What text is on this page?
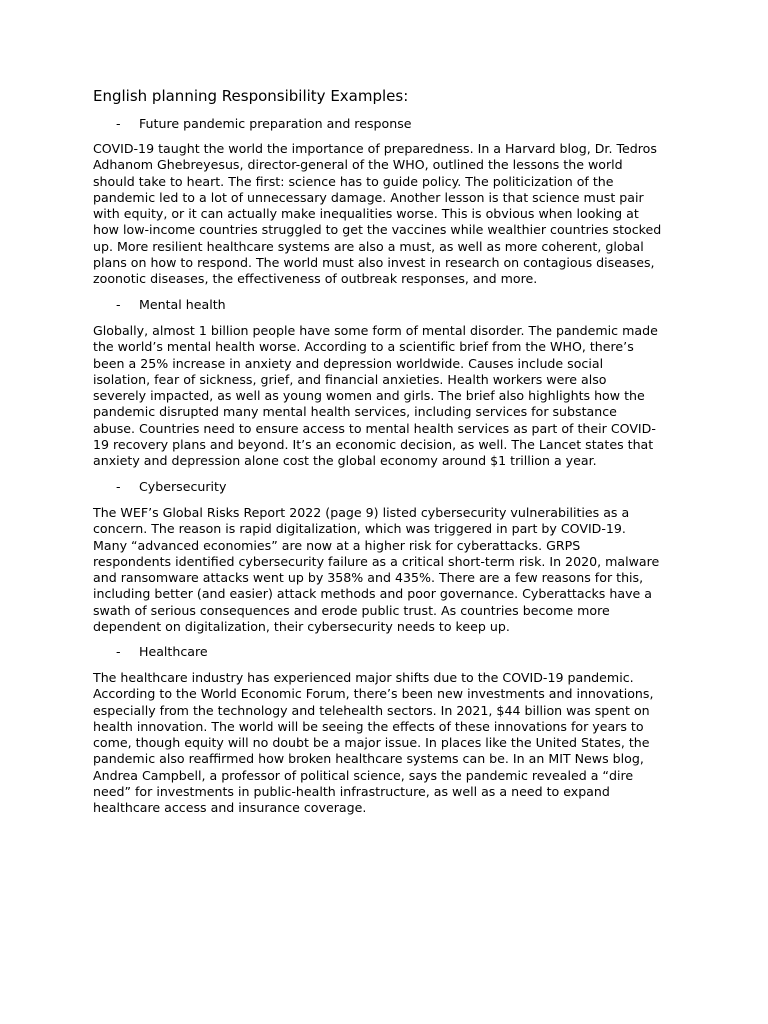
English planning Responsibility Examples:
- Future pandemic preparation and response
COVID-19 taught the world the importance of preparedness. In a Harvard blog, Dr. Tedros
Adhanom Ghebreyesus, director-general of the WHO, outlined the lessons the world
should take to heart. The first: science has to guide policy. The politicization of the
pandemic led to a lot of unnecessary damage. Another lesson is that science must pair
with equity, or it can actually make inequalities worse. This is obvious when looking at
how low-income countries struggled to get the vaccines while wealthier countries stocked
up. More resilient healthcare systems are also a must, as well as more coherent, global
plans on how to respond. The world must also invest in research on contagious diseases,
zoonotic diseases, the effectiveness of outbreak responses, and more.
- Mental health
Globally, almost 1 billion people have some form of mental disorder. The pandemic made
the world’s mental health worse. According to a scientific brief from the WHO, there’s
been a 25% increase in anxiety and depression worldwide. Causes include social
isolation, fear of sickness, grief, and financial anxieties. Health workers were also
severely impacted, as well as young women and girls. The brief also highlights how the
pandemic disrupted many mental health services, including services for substance
abuse. Countries need to ensure access to mental health services as part of their COVID-
19 recovery plans and beyond. It’s an economic decision, as well. The Lancet states that
anxiety and depression alone cost the global economy around $1 trillion a year.
- Cybersecurity
The WEF’s Global Risks Report 2022 (page 9) listed cybersecurity vulnerabilities as a
concern. The reason is rapid digitalization, which was triggered in part by COVID-19.
Many “advanced economies” are now at a higher risk for cyberattacks. GRPS
respondents identified cybersecurity failure as a critical short-term risk. In 2020, malware
and ransomware attacks went up by 358% and 435%. There are a few reasons for this,
including better (and easier) attack methods and poor governance. Cyberattacks have a
swath of serious consequences and erode public trust. As countries become more
dependent on digitalization, their cybersecurity needs to keep up.
- Healthcare
The healthcare industry has experienced major shifts due to the COVID-19 pandemic.
According to the World Economic Forum, there’s been new investments and innovations,
especially from the technology and telehealth sectors. In 2021, $44 billion was spent on
health innovation. The world will be seeing the effects of these innovations for years to
come, though equity will no doubt be a major issue. In places like the United States, the
pandemic also reaffirmed how broken healthcare systems can be. In an MIT News blog,
Andrea Campbell, a professor of political science, says the pandemic revealed a “dire
need” for investments in public-health infrastructure, as well as a need to expand
healthcare access and insurance coverage.
